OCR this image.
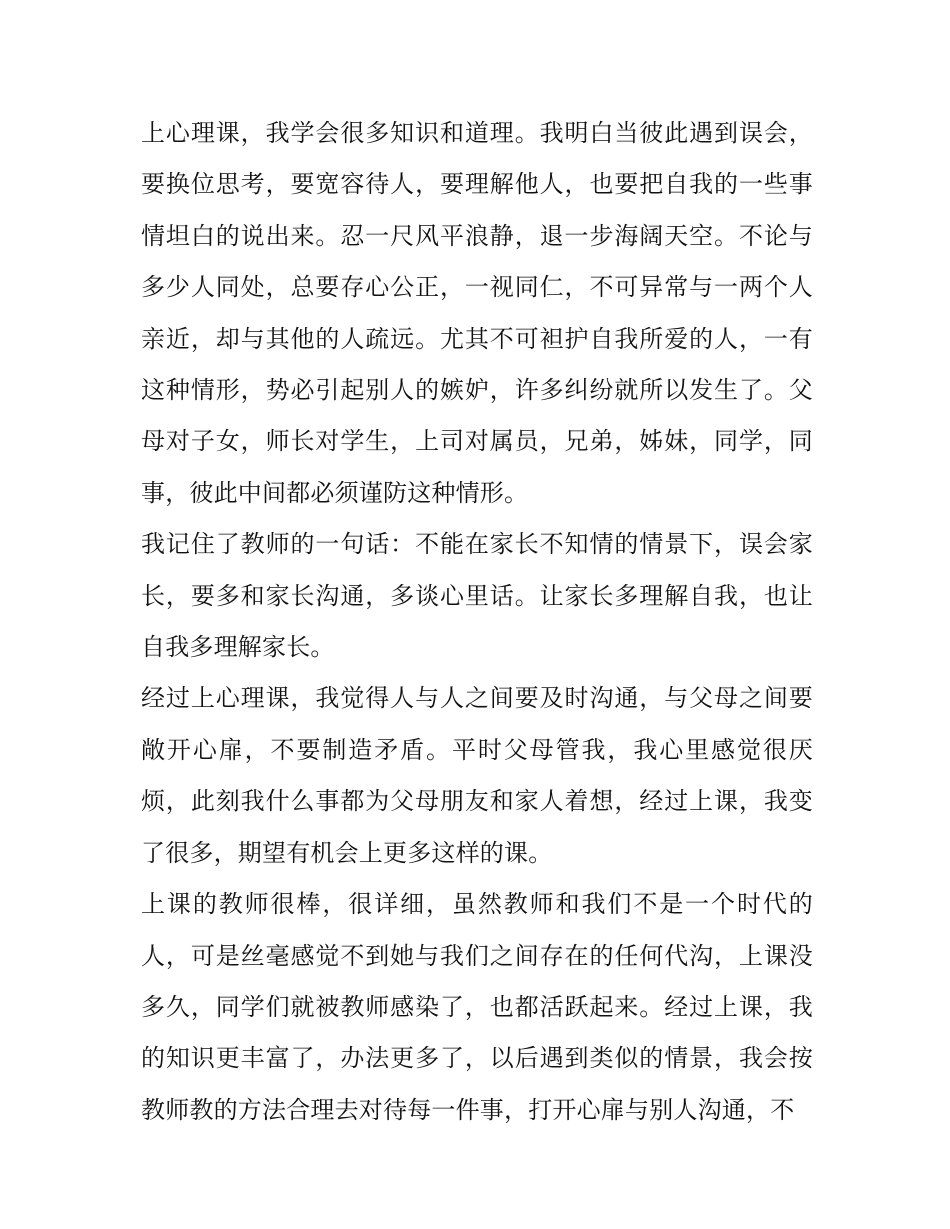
上心理课，我学会很多知识和道理。我明白当彼此遇到误会，要换位思考，要宽容待人，要理解他人，也要把自我的一些事情坦白的说出来。忍一尺风平浪静，退一步海阔天空。不论与多少人同处，总要存心公正，一视同仁，不可异常与一两个人亲近，却与其他的人疏远。尤其不可袒护自我所爱的人，一有这种情形，势必引起别人的嫉妒，许多纠纷就所以发生了。父母对子女，师长对学生，上司对属员，兄弟，姊妹，同学，同事，彼此中间都必须谨防这种情形。

我记住了教师的一句话：不能在家长不知情的情景下，误会家长，要多和家长沟通，多谈心里话。让家长多理解自我，也让自我多理解家长。

经过上心理课，我觉得人与人之间要及时沟通，与父母之间要敞开心扉，不要制造矛盾。平时父母管我，我心里感觉很厌烦，此刻我什么事都为父母朋友和家人着想，经过上课，我变了很多，期望有机会上更多这样的课。

上课的教师很棒，很详细，虽然教师和我们不是一个时代的人，可是丝毫感觉不到她与我们之间存在的任何代沟，上课没多久，同学们就被教师感染了，也都活跃起来。经过上课，我的知识更丰富了，办法更多了，以后遇到类似的情景，我会按教师教的方法合理去对待每一件事，打开心扉与别人沟通，不
